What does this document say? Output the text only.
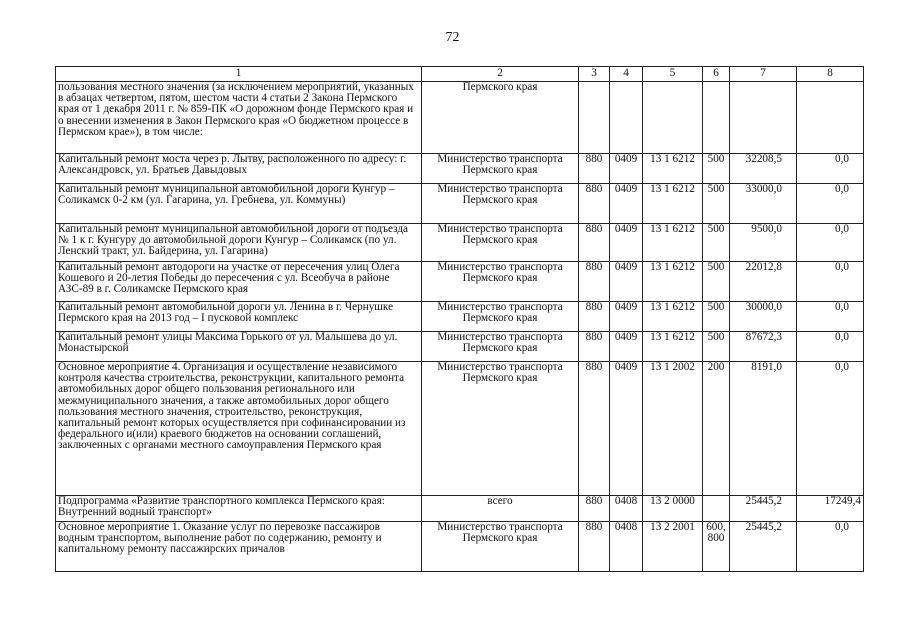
72
1	2	3	4	5	6	7	8
пользования местного значения (за исключением мероприятий, указанных в абзацах четвертом, пятом, шестом части 4 статьи 2 Закона Пермского края от 1 декабря 2011 г. № 859-ПК «О дорожном фонде Пермского края и о внесении изменения в Закон Пермского края «О бюджетном процессе в Пермском крае»), в том числе:	Пермского края						
Капитальный ремонт моста через р. Лытву, расположенного по адресу: г. Александровск, ул. Братьев Давыдовых	Министерство транспорта Пермского края	880	0409	13 1 6212	500	32208,5	0,0
Капитальный ремонт муниципальной автомобильной дороги Кунгур – Соликамск 0-2 км (ул. Гагарина, ул. Гребнева, ул. Коммуны)	Министерство транспорта Пермского края	880	0409	13 1 6212	500	33000,0	0,0
Капитальный ремонт муниципальной автомобильной дороги от подъезда № 1 к г. Кунгуру до автомобильной дороги Кунгур – Соликамск (по ул. Ленский тракт, ул. Байдерина, ул. Гагарина)	Министерство транспорта Пермского края	880	0409	13 1 6212	500	9500,0	0,0
Капитальный ремонт автодороги на участке от пересечения улиц Олега Кошевого и 20-летия Победы до пересечения с ул. Всеобуча в районе АЗС-89 в г. Соликамске Пермского края	Министерство транспорта Пермского края	880	0409	13 1 6212	500	22012,8	0,0
Капитальный ремонт автомобильной дороги ул. Ленина в г. Чернушке Пермского края на 2013 год – I пусковой комплекс	Министерство транспорта Пермского края	880	0409	13 1 6212	500	30000,0	0,0
Капитальный ремонт улицы Максима Горького от ул. Малышева до ул. Монастырской	Министерство транспорта Пермского края	880	0409	13 1 6212	500	87672,3	0,0
Основное мероприятие 4. Организация и осуществление независимого контроля качества строительства, реконструкции, капитального ремонта автомобильных дорог общего пользования регионального или межмуниципального значения, а также автомобильных дорог общего пользования местного значения, строительство, реконструкция, капитальный ремонт которых осуществляется при софинансировании из федерального и(или) краевого бюджетов на основании соглашений, заключенных с органами местного самоуправления Пермского края	Министерство транспорта Пермского края	880	0409	13 1 2002	200	8191,0	0,0
Подпрограмма «Развитие транспортного комплекса Пермского края: Внутренний водный транспорт»	всего	880	0408	13 2 0000		25445,2	17249,4
Основное мероприятие 1. Оказание услуг по перевозке пассажиров водным транспортом, выполнение работ по содержанию, ремонту и капитальному ремонту пассажирских причалов	Министерство транспорта Пермского края	880	0408	13 2 2001	600, 800	25445,2	0,0
